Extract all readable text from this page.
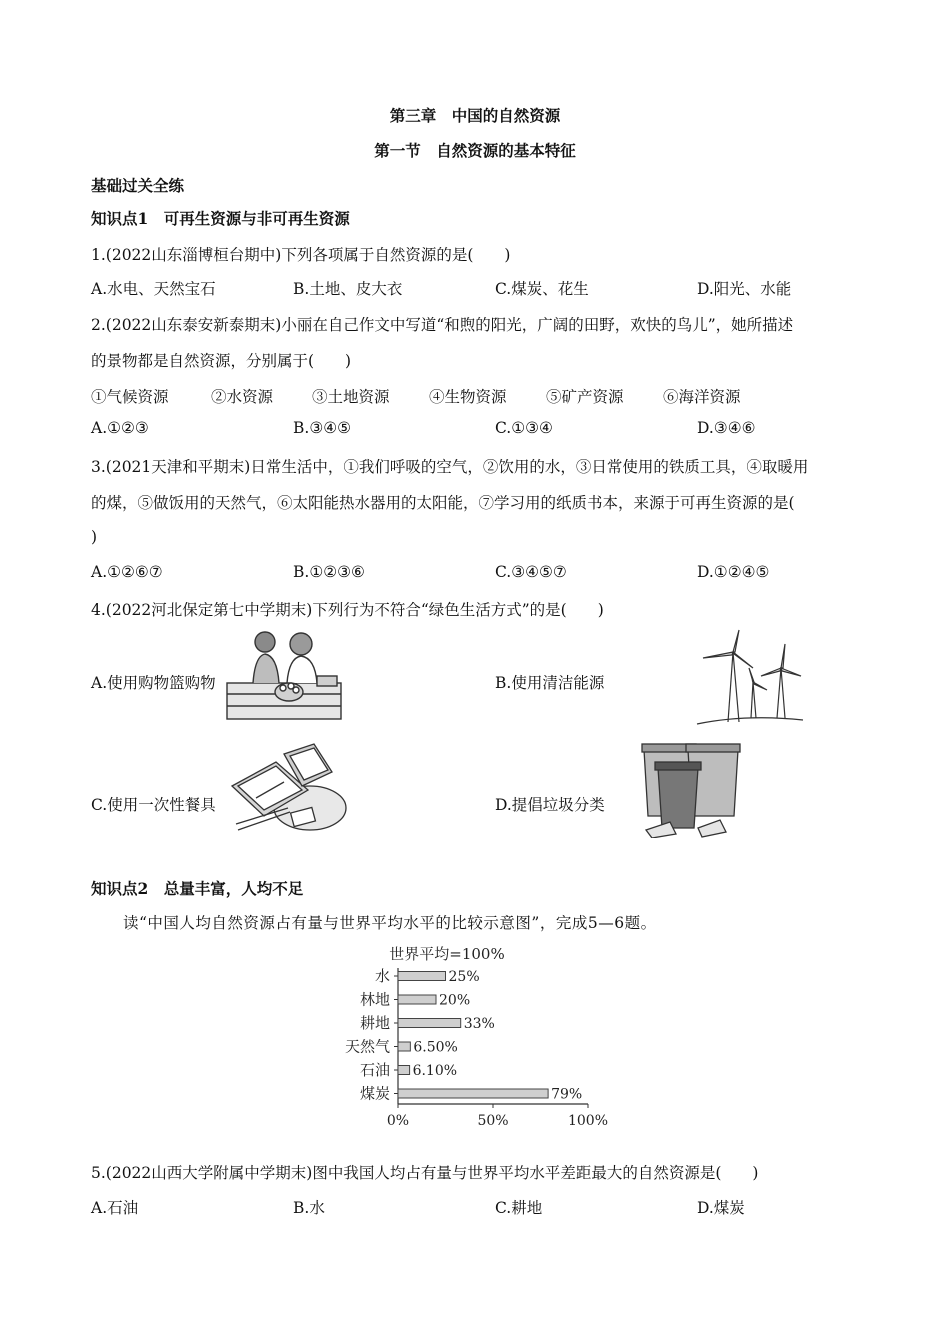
第三章　中国的自然资源
第一节　自然资源的基本特征
基础过关全练
知识点1　可再生资源与非可再生资源
1.(2022山东淄博桓台期中)下列各项属于自然资源的是(　　)
A.水电、天然宝石	B.土地、皮大衣	C.煤炭、花生	D.阳光、水能
2.(2022山东泰安新泰期末)小丽在自己作文中写道“和煦的阳光，广阔的田野，欢快的鸟儿”，她所描述
的景物都是自然资源，分别属于(　　)
①气候资源	②水资源	③土地资源	④生物资源	⑤矿产资源	⑥海洋资源
A.①②③	B.③④⑤	C.①③④	D.③④⑥
3.(2021天津和平期末)日常生活中，①我们呼吸的空气，②饮用的水，③日常使用的铁质工具，④取暖用
的煤，⑤做饭用的天然气，⑥太阳能热水器用的太阳能，⑦学习用的纸质书本，来源于可再生资源的是(
)
A.①②⑥⑦	B.①②③⑥	C.③④⑤⑦	D.①②④⑤
4.(2022河北保定第七中学期末)下列行为不符合“绿色生活方式”的是(　　)
A.使用购物篮购物	B.使用清洁能源
C.使用一次性餐具	D.提倡垃圾分类
知识点2　总量丰富，人均不足
读“中国人均自然资源占有量与世界平均水平的比较示意图”，完成5—6题。
世界平均=100%
水	25%
林地	20%
耕地	33%
天然气 6.50%
石油 6.10%
煤炭	79%
0%	50%	100%
5.(2022山西大学附属中学期末)图中我国人均占有量与世界平均水平差距最大的自然资源是(　　)
A.石油	B.水	C.耕地	D.煤炭
